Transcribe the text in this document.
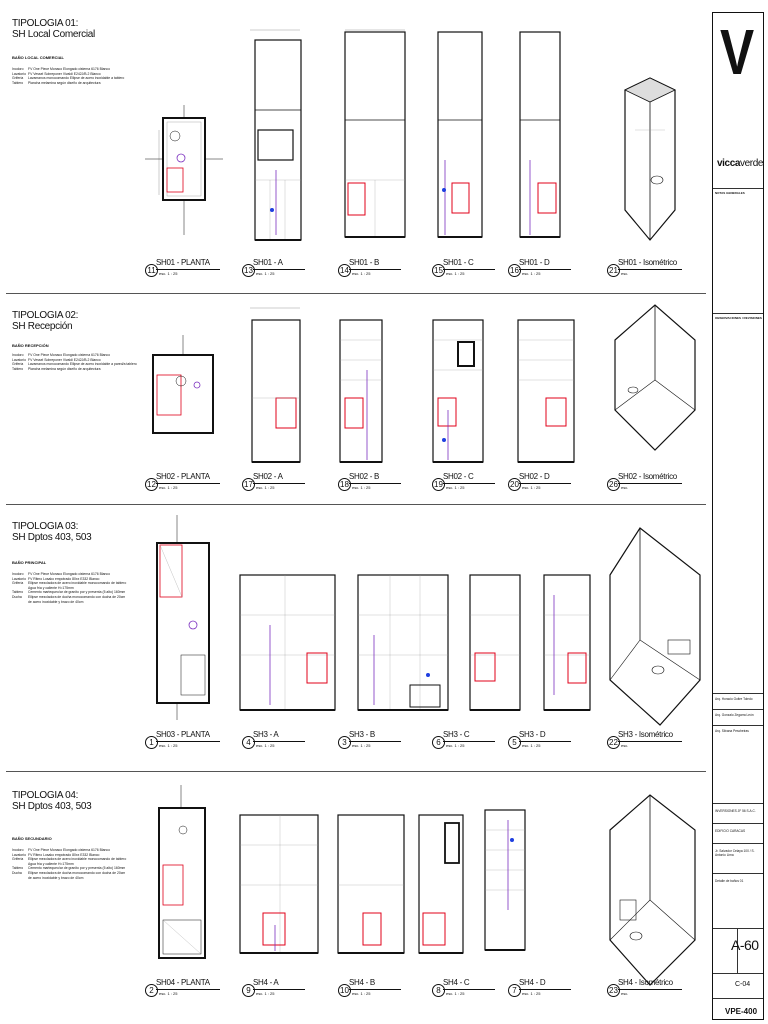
TIPOLOGIA 01:
SH Local Comercial
BAÑO LOCAL COMERCIAL
Inodoro FV One Piece Monaco Elongado cisterna 6176 Blanco
Lavatorio FV Vessel Sobreponer Vivaldi E242J/B.2 Blanco
Grifería Lavamanos monocomando Ellipse de acero inoxidable a tablero
Tablero Plancha melamina según diseño de arquitectura
TIPOLOGIA 02:
SH Recepción
BAÑO RECEPCIÓN
Inodoro FV One Piece Monaco Elongado cisterna 6176 Blanco
Lavatorio FV Vessel Sobreponer Vivaldi E242J/B.2 Blanco
Grifería Lavamanos monocomando Ellipse de acero inoxidable a pared/a tablero
Tablero Plancha melamina según diseño de arquitectura
TIPOLOGIA 03:
SH Dptos 403, 503
BAÑO PRINCIPAL
Inodoro FV One Piece Monaco Elongado cisterna 6176 Blanco
Lavatorio FV Ritmo Losako empotrado 80xx E332 Blanco
Grifería Ellipse mezcladora de acero inoxidable monocomando de tablero
Agua fría y caliente H=175mm
Tablero Cemento martequeo/ar de granito por y presenta (5 alto) 160mm
Ducha Ellipse mezcladora de ducha monocomando con ducha de 20cm
de acero inoxidable y brazo de 40cm
TIPOLOGIA 04:
SH Dptos 403, 503
BAÑO SECUNDARIO
Inodoro FV One Piece Monaco Elongado cisterna 6176 Blanco
Lavatorio FV Ritmo Losako empotrado 80xx E332 Blanco
Grifería Ellipse mezcladora de acero inoxidable monocomando de tablero
Agua fría y caliente H=175mm
Tablero Cemento martequeo/ar de granito por y presenta (5 alto) 160mm
Ducha Ellipse mezcladora de ducha monocomando con ducha de 20cm
de acero inoxidable y brazo de 40cm
11
SH01 - PLANTA
esc. 1 : 25	13
SH01 - A
esc. 1 : 25	14
SH01 - B
esc. 1 : 25	15
SH01 - C
esc. 1 : 25	16
SH01 - D
esc. 1 : 25	21
SH01 - Isométrico
esc.
12
SH02 - PLANTA
esc. 1 : 25	17
SH02 - A
esc. 1 : 25	18
SH02 - B
esc. 1 : 25	19
SH02 - C
esc. 1 : 25	20
SH02 - D
esc. 1 : 25	26
SH02 - Isométrico
esc.
1
SH03 - PLANTA
esc. 1 : 25	4
SH3 - A
esc. 1 : 25	3
SH3 - B
esc. 1 : 25	6
SH3 - C
esc. 1 : 25	5
SH3 - D
esc. 1 : 25	22
SH3 - Isométrico
esc.
2
SH04 - PLANTA
esc. 1 : 25	9
SH4 - A
esc. 1 : 25	10
SH4 - B
esc. 1 : 25	8
SH4 - C
esc. 1 : 25	7
SH4 - D
esc. 1 : 25	23
SH4 - Isométrico
esc.
V
viccaverde
NOTAS GENERALES
OBSERVACIONES / REVISIONES
Arq. Horacio Goitre Toledo
Arq. Gonzalo Zegarra León
Arq. Silvana Pescheiras
INVERSIONES JF 56 S.A.C.
EDIFICIO CARACAS
Jr. Salvador Celaya 100 / S. Antonio Lima
Detalle de baños 01
A-60
C-04
VPE-400
